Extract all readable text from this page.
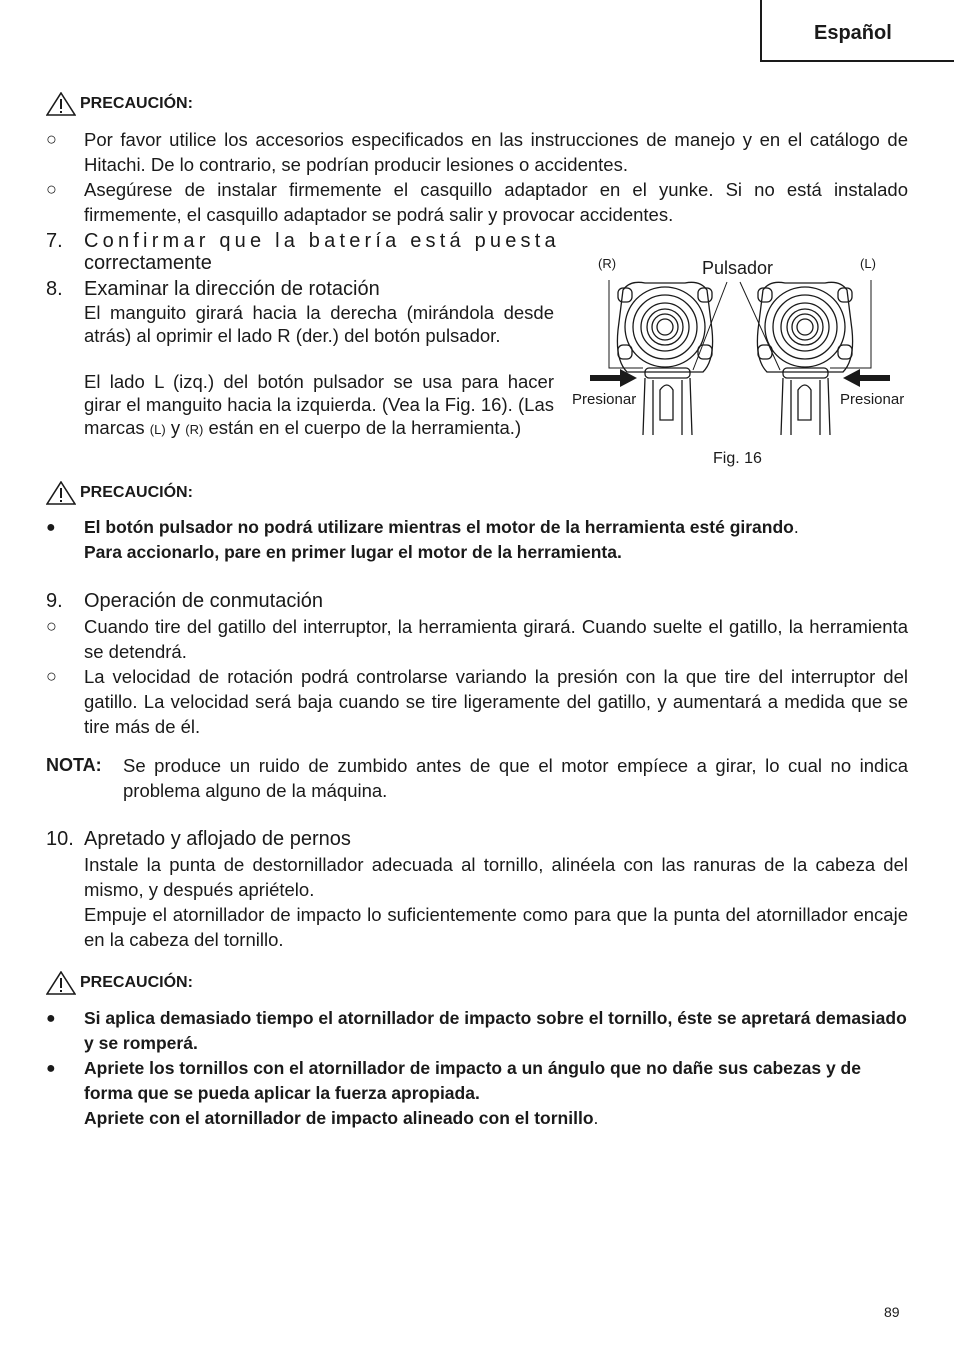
Español
PRECAUCIÓN:
○	Por favor utilice los accesorios especificados en las instrucciones de manejo y en el catálogo de Hitachi. De lo contrario, se podrían producir lesiones o accidentes.
○	Asegúrese de instalar firmemente el casquillo adaptador en el yunke. Si no está instalado firmemente, el casquillo adaptador se podrá salir y provocar accidentes.
7. Confirmar que la batería está puesta
correctamente
8. Examinar la dirección de rotación
El manguito girará hacia la derecha (mirándola desde atrás) al oprimir el lado R (der.) del botón pulsador.
El lado L (izq.) del botón pulsador se usa para hacer girar el manguito hacia la izquierda. (Vea la Fig. 16). (Las marcas (L) y (R) están en el cuerpo de la herramienta.)
(R)	(L)
Pulsador
Presionar	Presionar
Fig. 16
PRECAUCIÓN:
●	El botón pulsador no podrá utilizare mientras el motor de la herramienta esté girando.
Para accionarlo, pare en primer lugar el motor de la herramienta.
9. Operación de conmutación
○	Cuando tire del gatillo del interruptor, la herramienta girará. Cuando suelte el gatillo, la herramienta se detendrá.
○	La velocidad de rotación podrá controlarse variando la presión con la que tire del interruptor del gatillo. La velocidad será baja cuando se tire ligeramente del gatillo, y aumentará a medida que se tire más de él.
NOTA: Se produce un ruido de zumbido antes de que el motor empíece a girar, lo cual no indica problema alguno de la máquina.
10. Apretado y aflojado de pernos
Instale la punta de destornillador adecuada al tornillo, alinéela con las ranuras de la cabeza del mismo, y después apriételo.
Empuje el atornillador de impacto lo suficientemente como para que la punta del atornillador encaje en la cabeza del tornillo.
PRECAUCIÓN:
●	Si aplica demasiado tiempo el atornillador de impacto sobre el tornillo, éste se apretará demasiado y se romperá.
●	Apriete los tornillos con el atornillador de impacto a un ángulo que no dañe sus cabezas y de forma que se pueda aplicar la fuerza apropiada.
Apriete con el atornillador de impacto alineado con el tornillo.
89
